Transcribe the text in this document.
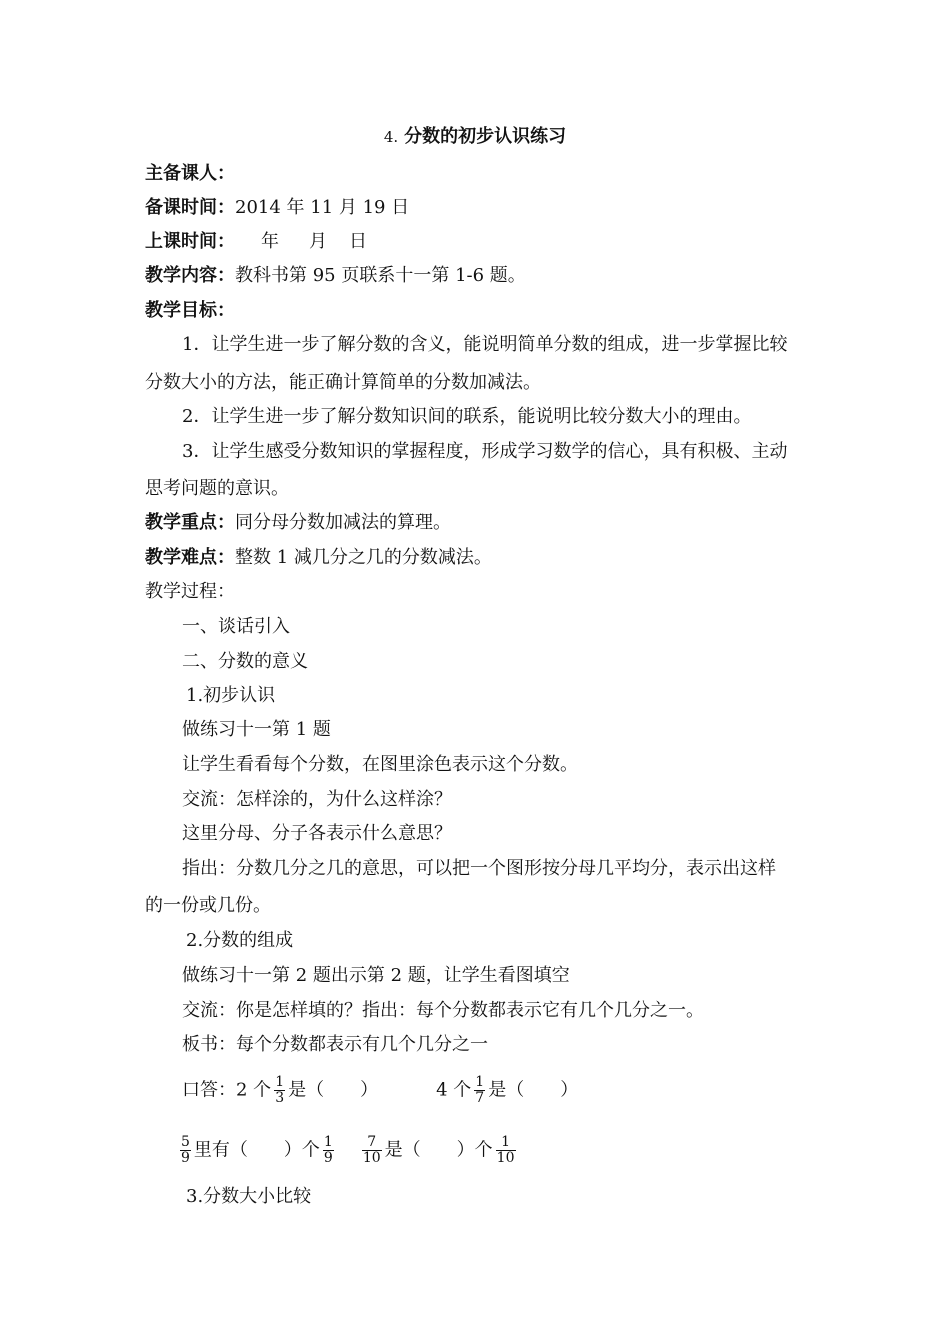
4. 分数的初步认识练习
主备课人：
备课时间：2014 年 11 月 19 日
上课时间： 年 月 日
教学内容：教科书第 95 页联系十一第 1-6 题。
教学目标：
1．让学生进一步了解分数的含义，能说明简单分数的组成，进一步掌握比较
分数大小的方法，能正确计算简单的分数加减法。
2．让学生进一步了解分数知识间的联系，能说明比较分数大小的理由。
3．让学生感受分数知识的掌握程度，形成学习数学的信心，具有积极、主动
思考问题的意识。
教学重点：同分母分数加减法的算理。
教学难点：整数 1 减几分之几的分数减法。
教学过程：
一、谈话引入
二、分数的意义
1.初步认识
做练习十一第 1 题
让学生看看每个分数，在图里涂色表示这个分数。
交流：怎样涂的，为什么这样涂？
这里分母、分子各表示什么意思？
指出：分数几分之几的意思，可以把一个图形按分母几平均分，表示出这样
的一份或几份。
2.分数的组成
做练习十一第 2 题出示第 2 题，让学生看图填空
交流：你是怎样填的？指出：每个分数都表示它有几个几分之一。
板书：每个分数都表示有几个几分之一
口答：2 个 $\frac{1}{3}$ 是（　　）	4 个 $\frac{1}{7}$ 是（　　）
$\frac{5}{9}$ 里有（　　）个 $\frac{1}{9} \frac{7}{10}$ 是（　　）个 $\frac{1}{10}$
3.分数大小比较
